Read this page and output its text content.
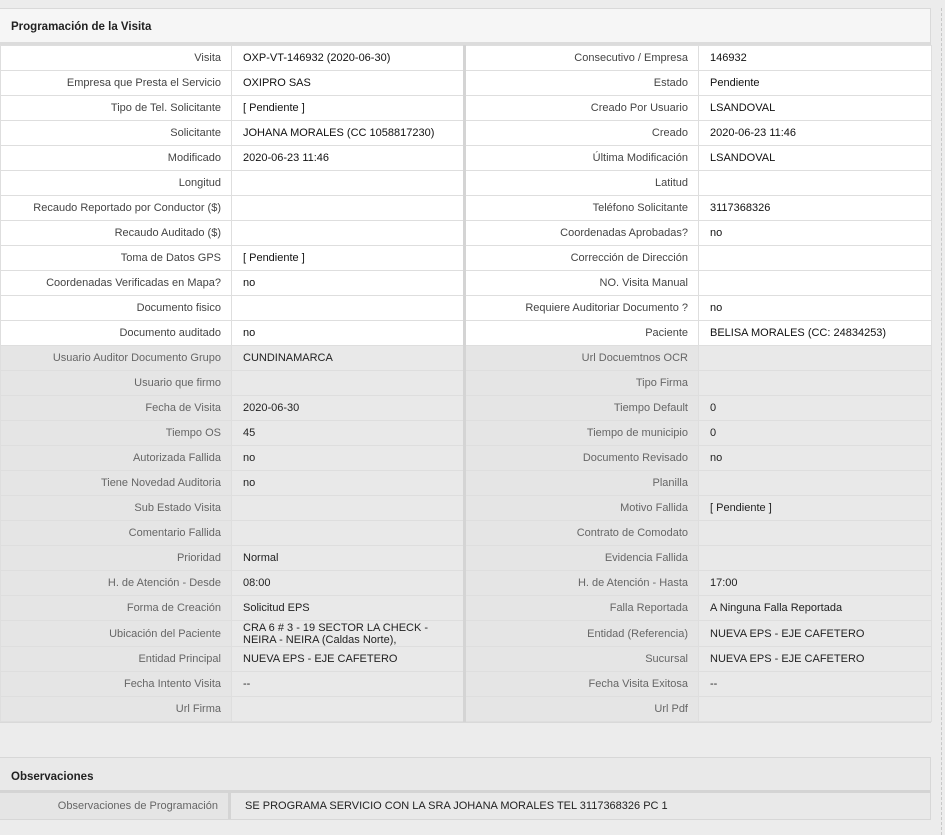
Programación de la Visita
Visita	OXP-VT-146932 (2020-06-30)	Consecutivo / Empresa	146932
Empresa que Presta el Servicio	OXIPRO SAS	Estado	Pendiente
Tipo de Tel. Solicitante	[ Pendiente ]	Creado Por Usuario	LSANDOVAL
Solicitante	JOHANA MORALES (CC 1058817230)	Creado	2020-06-23 11:46
Modificado	2020-06-23 11:46	Última Modificación	LSANDOVAL
Longitud		Latitud	
Recaudo Reportado por Conductor ($)		Teléfono Solicitante	3117368326
Recaudo Auditado ($)		Coordenadas Aprobadas?	no
Toma de Datos GPS	[ Pendiente ]	Corrección de Dirección	
Coordenadas Verificadas en Mapa?	no	NO. Visita Manual	
Documento fisico		Requiere Auditoriar Documento ?	no
Documento auditado	no	Paciente	BELISA MORALES (CC: 24834253)
Usuario Auditor Documento Grupo	CUNDINAMARCA	Url Docuemtnos OCR	
Usuario que firmo		Tipo Firma	
Fecha de Visita	2020-06-30	Tiempo Default	0
Tiempo OS	45	Tiempo de municipio	0
Autorizada Fallida	no	Documento Revisado	no
Tiene Novedad Auditoria	no	Planilla	
Sub Estado Visita		Motivo Fallida	[ Pendiente ]
Comentario Fallida		Contrato de Comodato	
Prioridad	Normal	Evidencia Fallida	
H. de Atención - Desde	08:00	H. de Atención - Hasta	17:00
Forma de Creación	Solicitud EPS	Falla Reportada	A Ninguna Falla Reportada
Ubicación del Paciente	CRA 6 # 3 - 19 SECTOR LA CHECK - NEIRA - NEIRA (Caldas Norte),	Entidad (Referencia)	NUEVA EPS - EJE CAFETERO
Entidad Principal	NUEVA EPS - EJE CAFETERO	Sucursal	NUEVA EPS - EJE CAFETERO
Fecha Intento Visita	--	Fecha Visita Exitosa	--
Url Firma		Url Pdf	
Observaciones
Observaciones de Programación	SE PROGRAMA SERVICIO CON LA SRA JOHANA MORALES TEL 3117368326 PC 1
